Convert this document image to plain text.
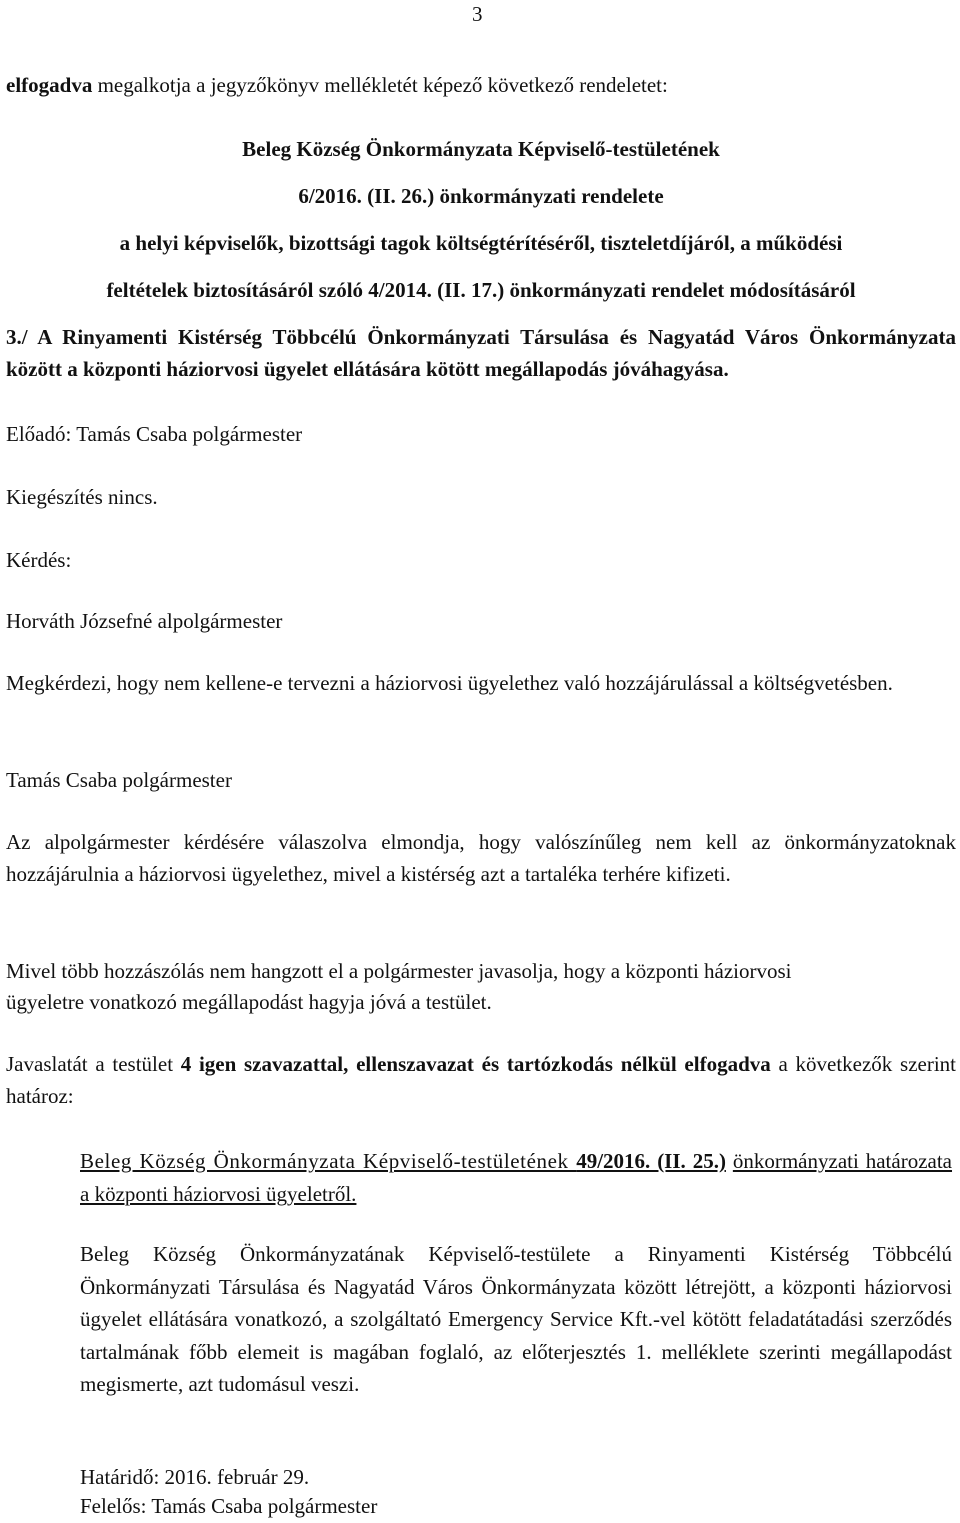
3
elfogadva megalkotja a jegyzőkönyv mellékletét képező következő rendeletet:
Beleg Község Önkormányzata Képviselő-testületének
6/2016. (II. 26.) önkormányzati rendelete
a helyi képviselők, bizottsági tagok költségtérítéséről, tiszteletdíjáról, a működési
feltételek biztosításáról szóló 4/2014. (II. 17.) önkormányzati rendelet módosításáról
3./ A Rinyamenti Kistérség Többcélú Önkormányzati Társulása és Nagyatád Város Önkormányzata között a központi háziorvosi ügyelet ellátására kötött megállapodás jóváhagyása.
Előadó: Tamás Csaba polgármester
Kiegészítés nincs.
Kérdés:
Horváth Józsefné alpolgármester
Megkérdezi, hogy nem kellene-e tervezni a háziorvosi ügyelethez való hozzájárulással a költségvetésben.
Tamás Csaba polgármester
Az alpolgármester kérdésére válaszolva elmondja, hogy valószínűleg nem kell az önkormányzatoknak hozzájárulnia a háziorvosi ügyelethez, mivel a kistérség azt a tartaléka terhére kifizeti.
Mivel több hozzászólás nem hangzott el a polgármester javasolja, hogy a központi háziorvosi
ügyeletre vonatkozó megállapodást hagyja jóvá a testület.
Javaslatát a testület 4 igen szavazattal, ellenszavazat és tartózkodás nélkül elfogadva a következők szerint határoz:
Beleg Község Önkormányzata Képviselő-testületének 49/2016. (II. 25.) önkormányzati határozata a központi háziorvosi ügyeletről.
Beleg Község Önkormányzatának Képviselő-testülete a Rinyamenti Kistérség Többcélú Önkormányzati Társulása és Nagyatád Város Önkormányzata között létrejött, a központi háziorvosi ügyelet ellátására vonatkozó, a szolgáltató Emergency Service Kft.-vel kötött feladatátadási szerződés tartalmának főbb elemeit is magában foglaló, az előterjesztés 1. melléklete szerinti megállapodást megismerte, azt tudomásul veszi.
Határidő: 2016. február 29.
Felelős: Tamás Csaba polgármester
